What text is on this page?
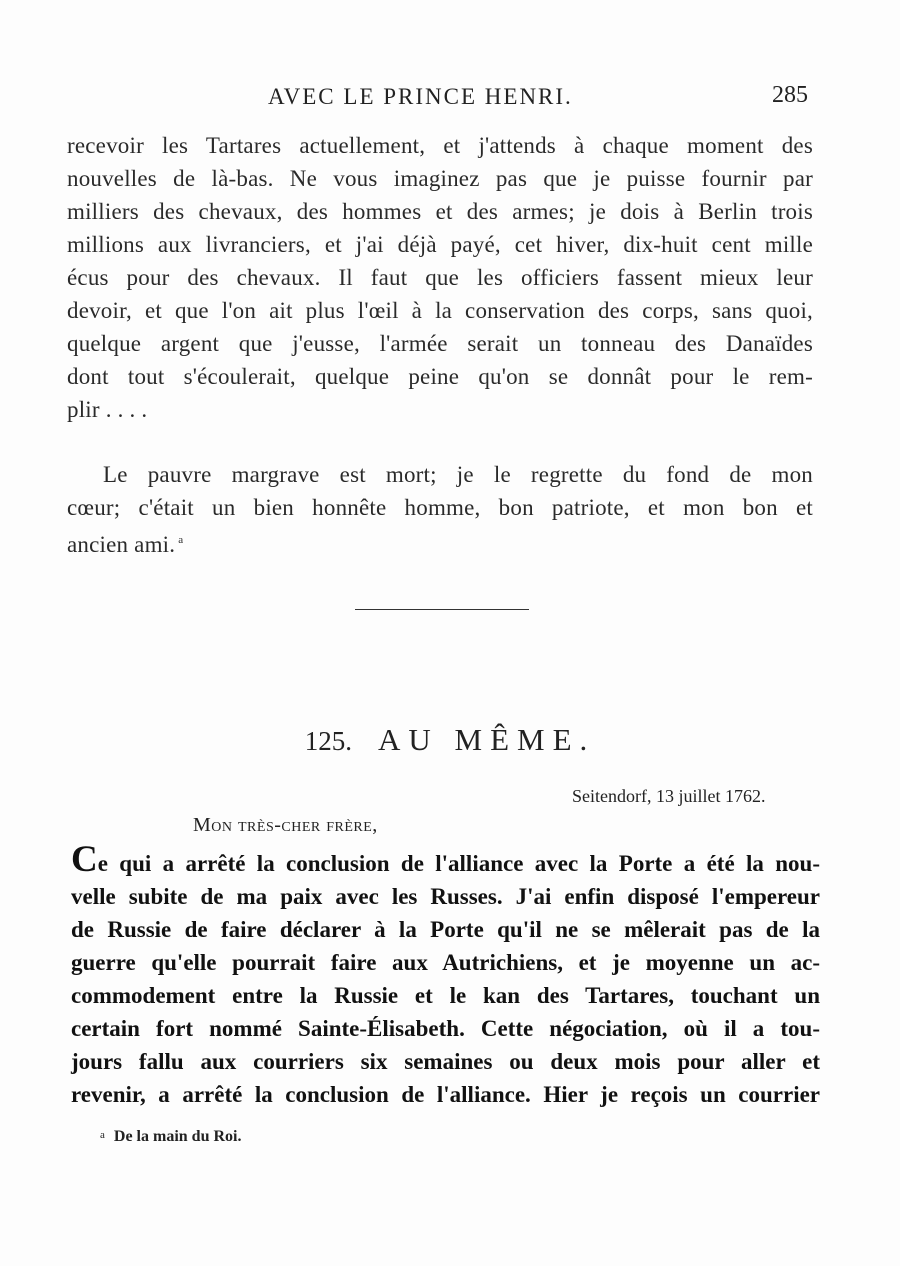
AVEC LE PRINCE HENRI.	285
recevoir les Tartares actuellement, et j'attends à chaque moment des
nouvelles de là-bas. Ne vous imaginez pas que je puisse fournir par
milliers des chevaux, des hommes et des armes; je dois à Berlin trois
millions aux livranciers, et j'ai déjà payé, cet hiver, dix-huit cent mille
écus pour des chevaux. Il faut que les officiers fassent mieux leur
devoir, et que l'on ait plus l'œil à la conservation des corps, sans quoi,
quelque argent que j'eusse, l'armée serait un tonneau des Danaïdes
dont tout s'écoulerait, quelque peine qu'on se donnât pour le rem-
plir . . . .
Le pauvre margrave est mort; je le regrette du fond de mon
cœur; c'était un bien honnête homme, bon patriote, et mon bon et
ancien ami. $^a$
125. AU MÊME.
Seitendorf, 13 juillet 1762.
Mon très-cher frère,
Ce qui a arrêté la conclusion de l'alliance avec la Porte a été la nou-
velle subite de ma paix avec les Russes. J'ai enfin disposé l'empereur
de Russie de faire déclarer à la Porte qu'il ne se mêlerait pas de la
guerre qu'elle pourrait faire aux Autrichiens, et je moyenne un ac-
commodement entre la Russie et le kan des Tartares, touchant un
certain fort nommé Sainte-Élisabeth. Cette négociation, où il a tou-
jours fallu aux courriers six semaines ou deux mois pour aller et
revenir, a arrêté la conclusion de l'alliance. Hier je reçois un courrier
a De la main du Roi.
